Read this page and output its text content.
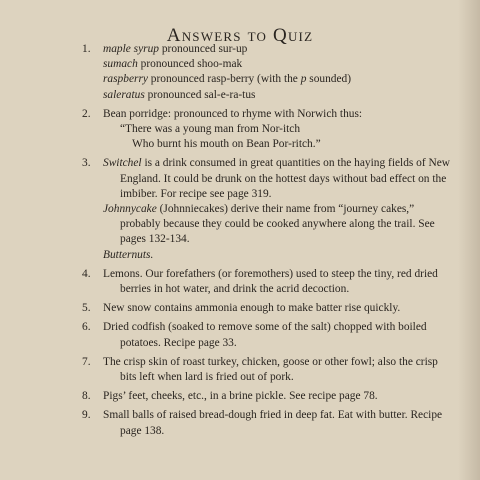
Answers to Quiz
1. maple syrup pronounced sur-up
sumach pronounced shoo-mak
raspberry pronounced rasp-berry (with the p sounded)
saleratus pronounced sal-e-ra-tus
2. Bean porridge: pronounced to rhyme with Norwich thus:
“There was a young man from Nor-itch
Who burnt his mouth on Bean Por-ritch.”
3. Switchel is a drink consumed in great quantities on the haying fields of New England. It could be drunk on the hottest days without bad effect on the imbiber. For recipe see page 319.
Johnnycake (Johnniecakes) derive their name from “journey cakes,” probably because they could be cooked anywhere along the trail. See pages 132-134.
Butternuts.
4. Lemons. Our forefathers (or foremothers) used to steep the tiny, red dried berries in hot water, and drink the acrid decoction.
5. New snow contains ammonia enough to make batter rise quickly.
6. Dried codfish (soaked to remove some of the salt) chopped with boiled potatoes. Recipe page 33.
7. The crisp skin of roast turkey, chicken, goose or other fowl; also the crisp bits left when lard is fried out of pork.
8. Pigs’ feet, cheeks, etc., in a brine pickle. See recipe page 78.
9. Small balls of raised bread-dough fried in deep fat. Eat with butter. Recipe page 138.
